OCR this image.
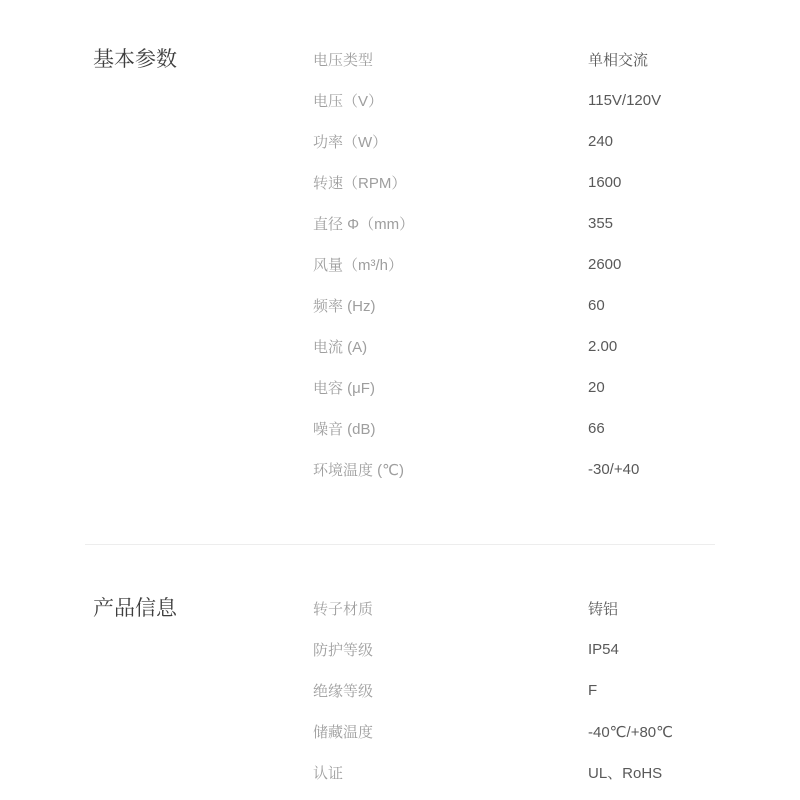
基本参数	电压类型	单相交流
电压（V）	115V/120V
功率（W）	240
转速（RPM）	1600
直径 Φ（mm）	355
风量（m³/h）	2600
频率 (Hz)	60
电流 (A)	2.00
电容 (μF)	20
噪音 (dB)	66
环境温度 (℃)	-30/+40
产品信息	转子材质	铸铝
防护等级	IP54
绝缘等级	F
储藏温度	-40℃/+80℃
认证	UL、RoHS
